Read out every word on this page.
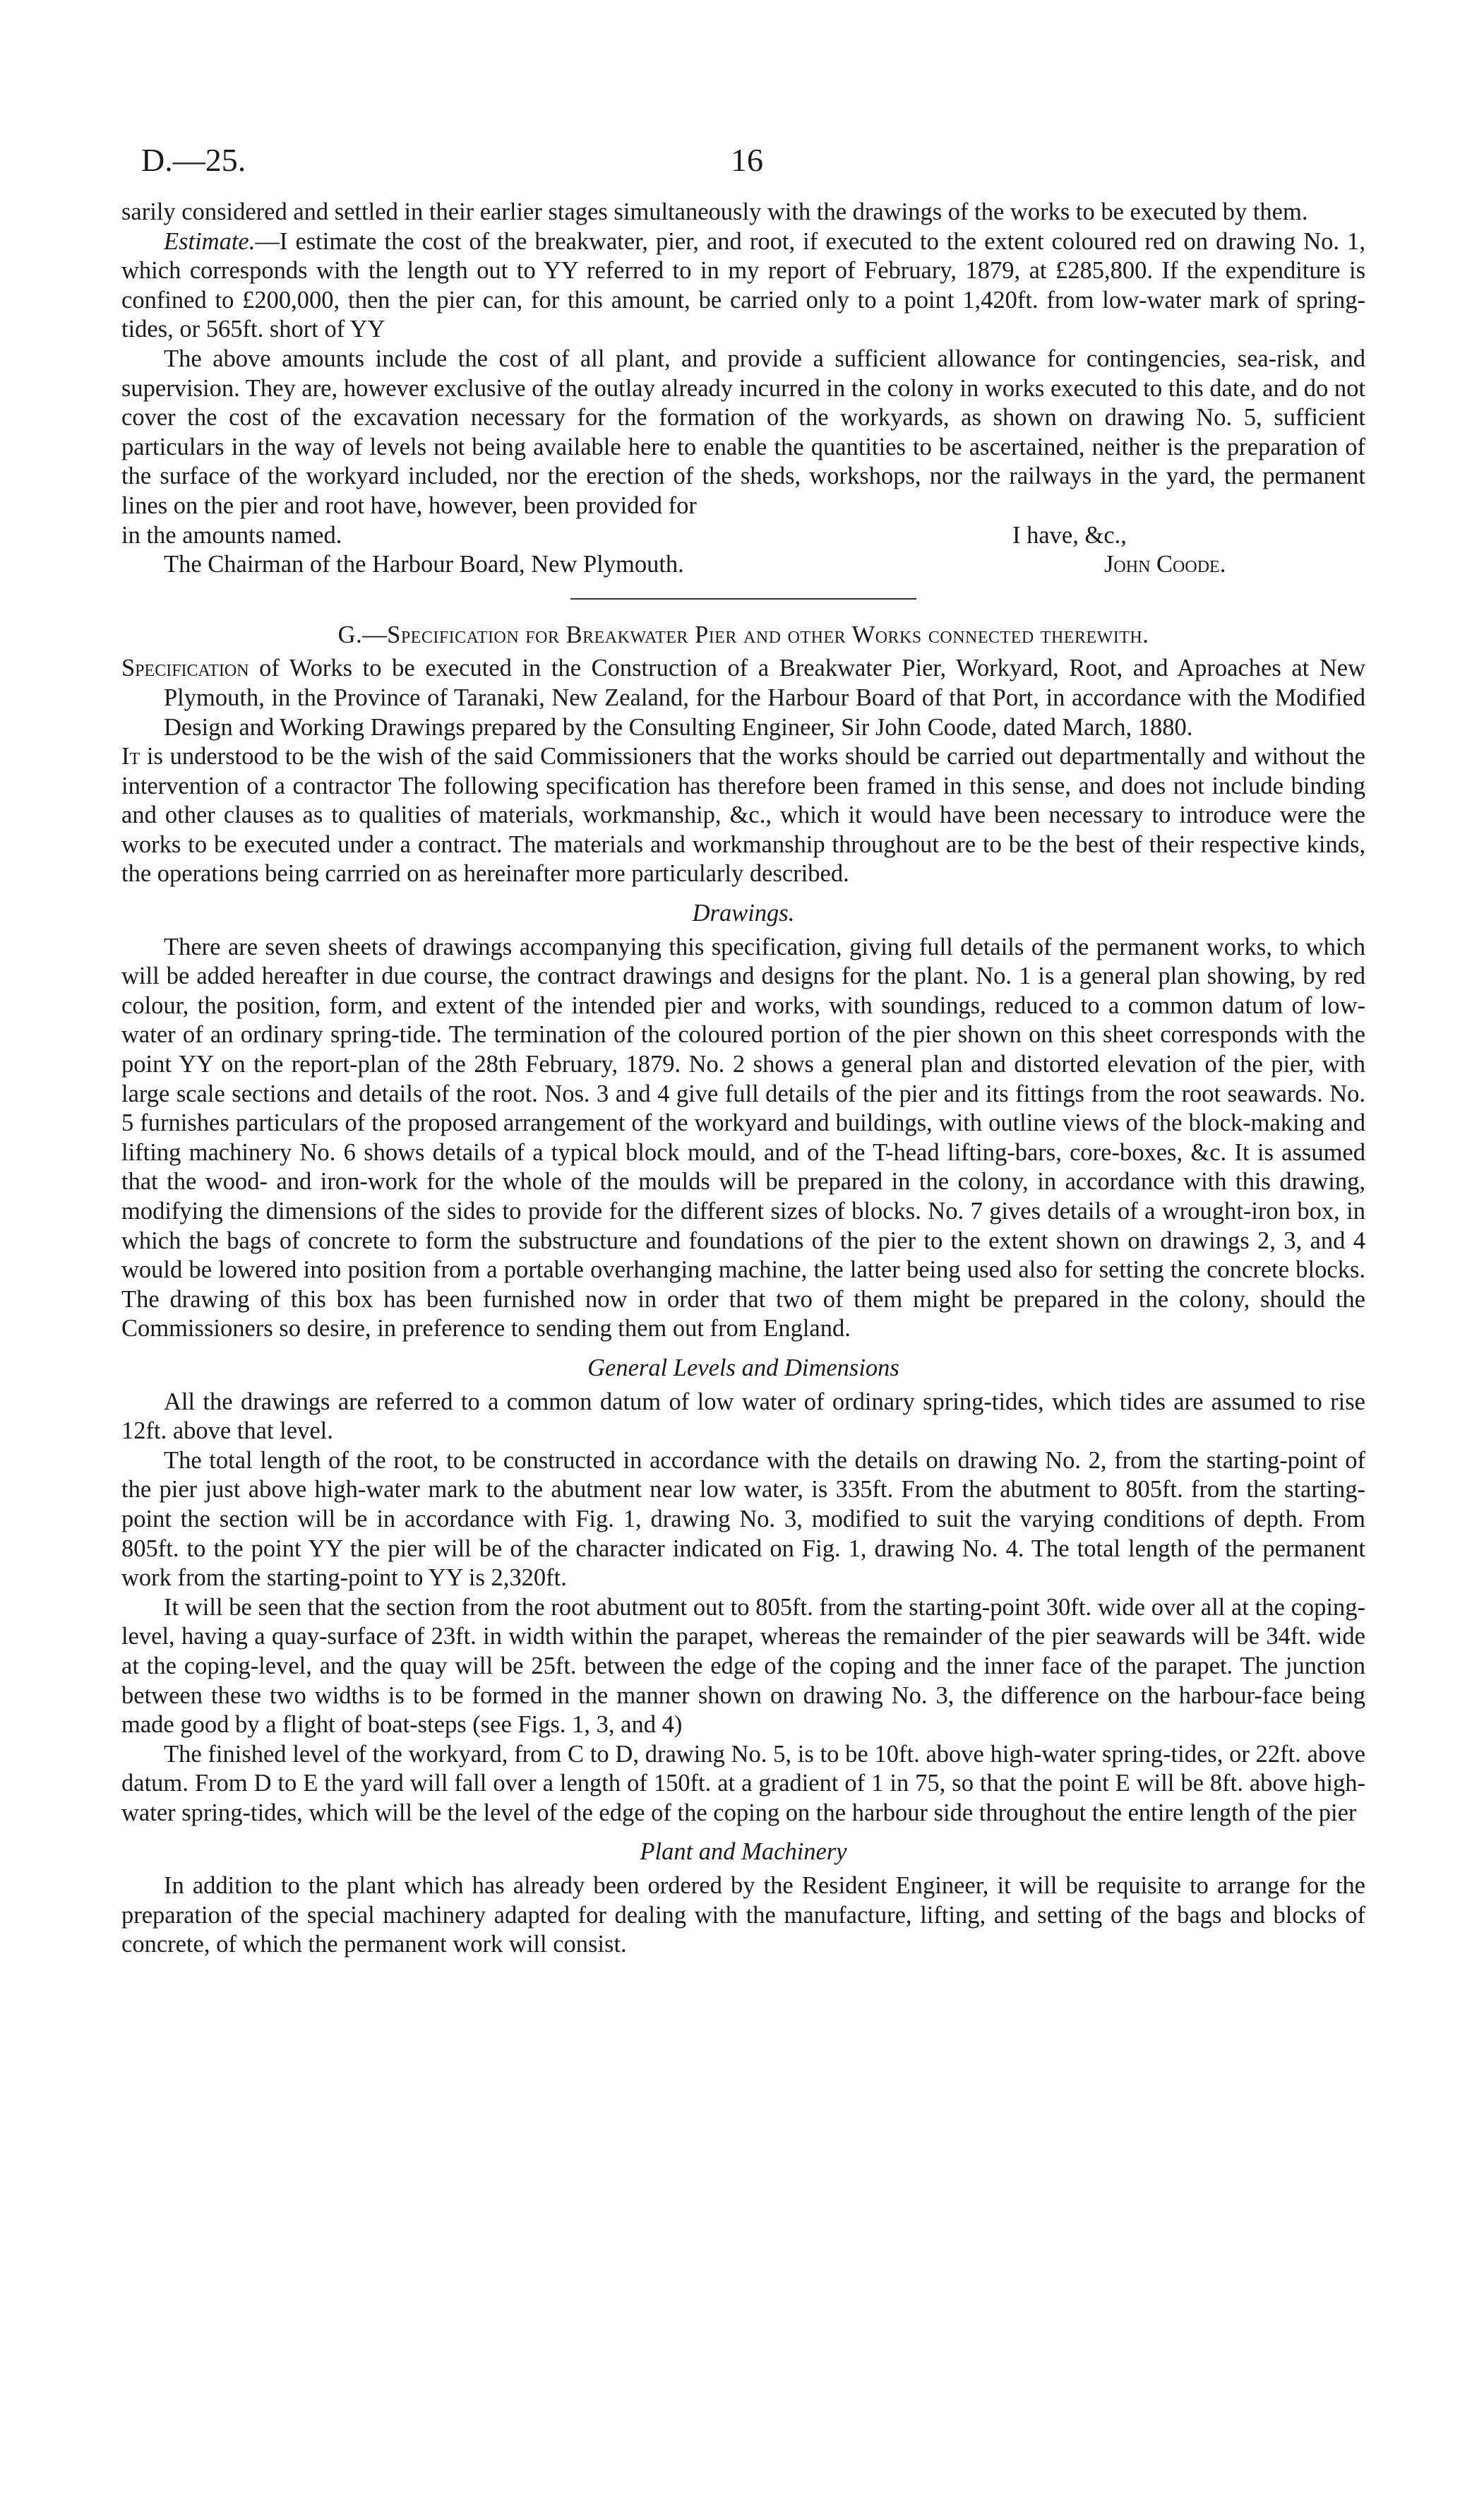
D.—25.	16

sarily considered and settled in their earlier stages simultaneously with the drawings of the works to be executed by them.

Estimate.—I estimate the cost of the breakwater, pier, and root, if executed to the extent coloured red on drawing No. 1, which corresponds with the length out to YY referred to in my report of February, 1879, at £285,800. If the expenditure is confined to £200,000, then the pier can, for this amount, be carried only to a point 1,420ft. from low-water mark of spring-tides, or 565ft. short of YY

The above amounts include the cost of all plant, and provide a sufficient allowance for contingencies, sea-risk, and supervision. They are, however exclusive of the outlay already incurred in the colony in works executed to this date, and do not cover the cost of the excavation necessary for the formation of the workyards, as shown on drawing No. 5, sufficient particulars in the way of levels not being available here to enable the quantities to be ascertained, neither is the preparation of the surface of the workyard included, nor the erection of the sheds, workshops, nor the railways in the yard, the permanent lines on the pier and root have, however, been provided for

in the amounts named.	I have, &c.,
The Chairman of the Harbour Board, New Plymouth.	John Coode.

G.—Specification for Breakwater Pier and other Works connected therewith.

Specification of Works to be executed in the Construction of a Breakwater Pier, Workyard, Root, and Aproaches at New Plymouth, in the Province of Taranaki, New Zealand, for the Harbour Board of that Port, in accordance with the Modified Design and Working Drawings prepared by the Consulting Engineer, Sir John Coode, dated March, 1880.

It is understood to be the wish of the said Commissioners that the works should be carried out departmentally and without the intervention of a contractor The following specification has therefore been framed in this sense, and does not include binding and other clauses as to qualities of materials, workmanship, &c., which it would have been necessary to introduce were the works to be executed under a contract. The materials and workmanship throughout are to be the best of their respective kinds, the operations being carrried on as hereinafter more particularly described.

Drawings.

There are seven sheets of drawings accompanying this specification, giving full details of the permanent works, to which will be added hereafter in due course, the contract drawings and designs for the plant. No. 1 is a general plan showing, by red colour, the position, form, and extent of the intended pier and works, with soundings, reduced to a common datum of low-water of an ordinary spring-tide. The termination of the coloured portion of the pier shown on this sheet corresponds with the point YY on the report-plan of the 28th February, 1879. No. 2 shows a general plan and distorted elevation of the pier, with large scale sections and details of the root. Nos. 3 and 4 give full details of the pier and its fittings from the root seawards. No. 5 furnishes particulars of the proposed arrangement of the workyard and buildings, with outline views of the block-making and lifting machinery No. 6 shows details of a typical block mould, and of the T-head lifting-bars, core-boxes, &c. It is assumed that the wood- and iron-work for the whole of the moulds will be prepared in the colony, in accordance with this drawing, modifying the dimensions of the sides to provide for the different sizes of blocks. No. 7 gives details of a wrought-iron box, in which the bags of concrete to form the substructure and foundations of the pier to the extent shown on drawings 2, 3, and 4 would be lowered into position from a portable overhanging machine, the latter being used also for setting the concrete blocks. The drawing of this box has been furnished now in order that two of them might be prepared in the colony, should the Commissioners so desire, in preference to sending them out from England.

General Levels and Dimensions

All the drawings are referred to a common datum of low water of ordinary spring-tides, which tides are assumed to rise 12ft. above that level.

The total length of the root, to be constructed in accordance with the details on drawing No. 2, from the starting-point of the pier just above high-water mark to the abutment near low water, is 335ft. From the abutment to 805ft. from the starting-point the section will be in accordance with Fig. 1, drawing No. 3, modified to suit the varying conditions of depth. From 805ft. to the point YY the pier will be of the character indicated on Fig. 1, drawing No. 4. The total length of the permanent work from the starting-point to YY is 2,320ft.

It will be seen that the section from the root abutment out to 805ft. from the starting-point 30ft. wide over all at the coping-level, having a quay-surface of 23ft. in width within the parapet, whereas the remainder of the pier seawards will be 34ft. wide at the coping-level, and the quay will be 25ft. between the edge of the coping and the inner face of the parapet. The junction between these two widths is to be formed in the manner shown on drawing No. 3, the difference on the harbour-face being made good by a flight of boat-steps (see Figs. 1, 3, and 4)

The finished level of the workyard, from C to D, drawing No. 5, is to be 10ft. above high-water spring-tides, or 22ft. above datum. From D to E the yard will fall over a length of 150ft. at a gradient of 1 in 75, so that the point E will be 8ft. above high-water spring-tides, which will be the level of the edge of the coping on the harbour side throughout the entire length of the pier

Plant and Machinery

In addition to the plant which has already been ordered by the Resident Engineer, it will be requisite to arrange for the preparation of the special machinery adapted for dealing with the manufacture, lifting, and setting of the bags and blocks of concrete, of which the permanent work will consist.
